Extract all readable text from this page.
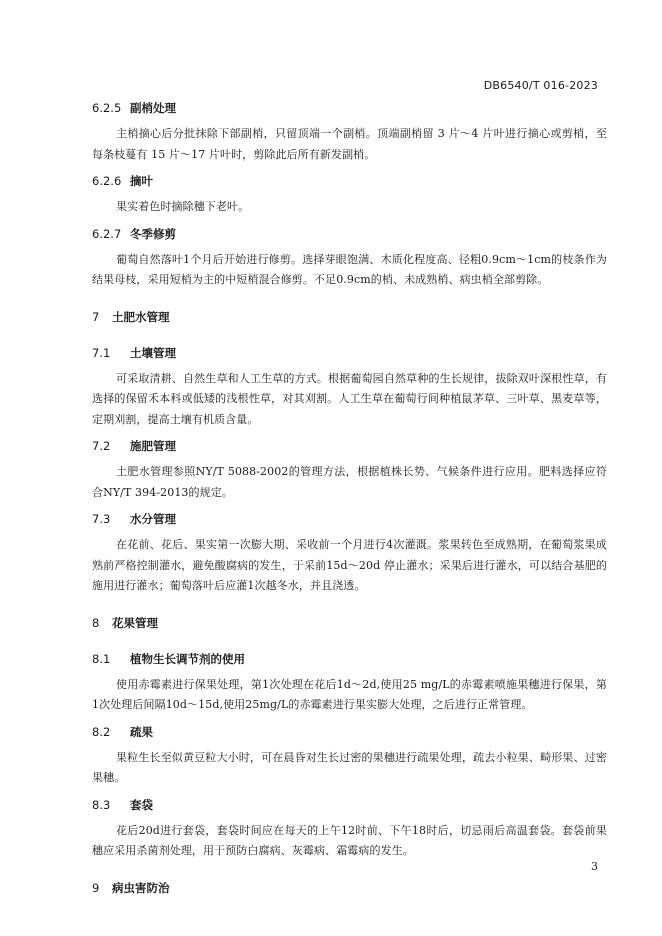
DB6540/T 016-2023
6.2.5 副梢处理

主梢摘心后分批抹除下部副梢，只留顶端一个副梢。顶端副梢留 3 片～4 片叶进行摘心或剪梢，至每条枝蔓有 15 片～17 片叶时，剪除此后所有新发副梢。

6.2.6 摘叶

果实着色时摘除穗下老叶。

6.2.7 冬季修剪

葡萄自然落叶1个月后开始进行修剪。选择芽眼饱满、木质化程度高、径粗0.9cm～1cm的枝条作为结果母枝，采用短梢为主的中短梢混合修剪。不足0.9cm的梢、未成熟梢、病虫梢全部剪除。

7 土肥水管理
7.1 土壤管理

可采取清耕、自然生草和人工生草的方式。根据葡萄园自然草种的生长规律，拔除双叶深根性草，有选择的保留禾本科或低矮的浅根性草，对其刈割。人工生草在葡萄行间种植鼠茅草、三叶草、黑麦草等，定期刈割，提高土壤有机质含量。

7.2 施肥管理

土肥水管理参照NY/T 5088-2002的管理方法，根据植株长势、气候条件进行应用。肥料选择应符合NY/T 394-2013的规定。

7.3 水分管理

在花前、花后、果实第一次膨大期、采收前一个月进行4次灌溉。浆果转色至成熟期，在葡萄浆果成熟前严格控制灌水，避免酸腐病的发生，于采前15d～20d 停止灌水；采果后进行灌水，可以结合基肥的施用进行灌水；葡萄落叶后应灌1次越冬水，并且浇透。

8 花果管理
8.1 植物生长调节剂的使用

使用赤霉素进行保果处理，第1次处理在花后1d～2d,使用25 mg/L的赤霉素喷施果穗进行保果，第1次处理后间隔10d～15d,使用25mg/L的赤霉素进行果实膨大处理，之后进行正常管理。

8.2 疏果

果粒生长至似黄豆粒大小时，可在晨昏对生长过密的果穗进行疏果处理，疏去小粒果、畸形果、过密果穗。

8.3 套袋

花后20d进行套袋，套袋时间应在每天的上午12时前、下午18时后，切忌雨后高温套袋。套袋前果穗应采用杀菌剂处理，用于预防白腐病、灰霉病、霜霉病的发生。

9 病虫害防治
3
